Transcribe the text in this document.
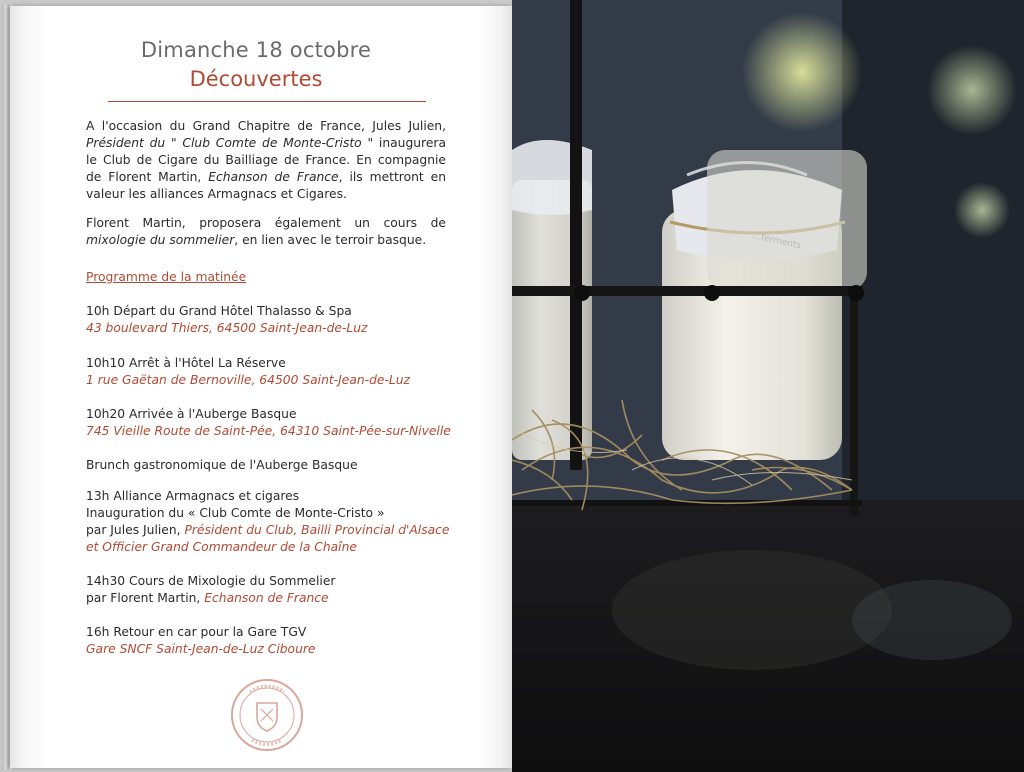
Dimanche 18 octobre
Découvertes

A l'occasion du Grand Chapitre de France, Jules Julien, Président du " Club Comte de Monte-Cristo " inaugurera le Club de Cigare du Bailliage de France. En compagnie de Florent Martin, Echanson de France, ils mettront en valeur les alliances Armagnacs et Cigares.

Florent Martin, proposera également un cours de mixologie du sommelier, en lien avec le terroir basque.

Programme de la matinée
10h Départ du Grand Hôtel Thalasso & Spa
43 boulevard Thiers, 64500 Saint-Jean-de-Luz
10h10 Arrêt à l'Hôtel La Réserve
1 rue Gaëtan de Bernoville, 64500 Saint-Jean-de-Luz
10h20 Arrivée à l'Auberge Basque
745 Vieille Route de Saint-Pée, 64310 Saint-Pée-sur-Nivelle
Brunch gastronomique de l'Auberge Basque
13h Alliance Armagnacs et cigares
Inauguration du « Club Comte de Monte-Cristo »
par Jules Julien, Président du Club, Bailli Provincial d'Alsace
et Officier Grand Commandeur de la Chaîne
14h30 Cours de Mixologie du Sommelier
par Florent Martin, Echanson de France
16h Retour en car pour la Gare TGV
Gare SNCF Saint-Jean-de-Luz Ciboure
